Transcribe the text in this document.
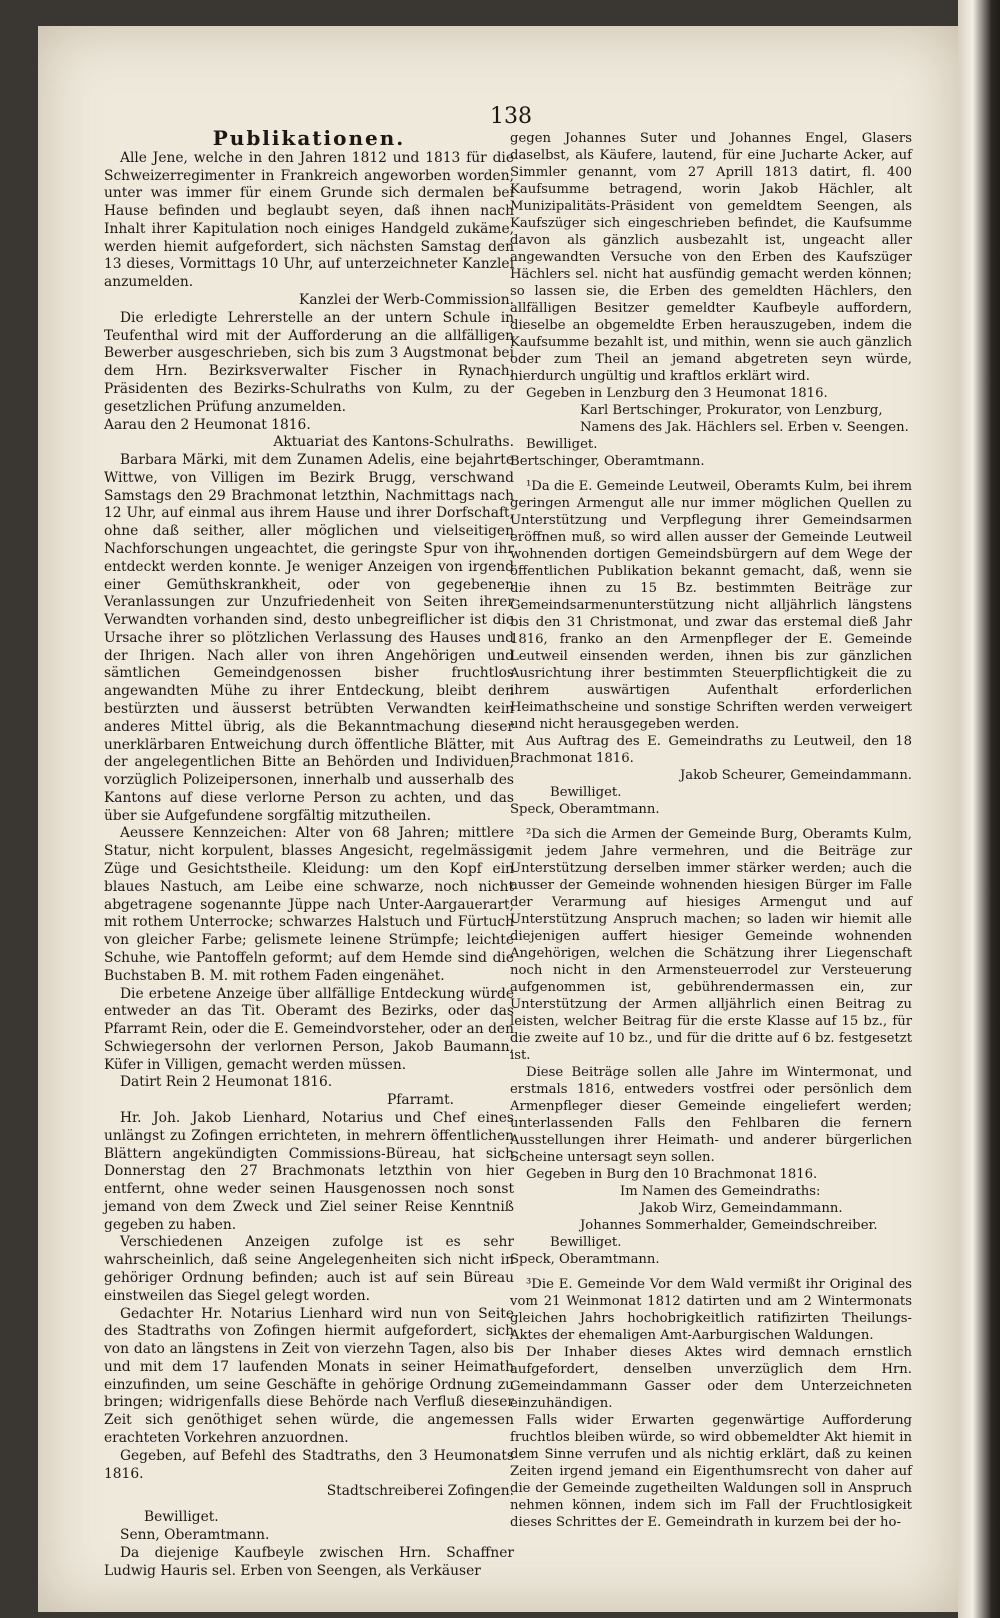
138

Publikationen.

Alle Jene, welche in den Jahren 1812 und 1813 für die Schweizerregimenter in Frankreich angeworben worden, unter was immer für einem Grunde sich dermalen bei Hause befinden und beglaubt seyen, daß ihnen nach Inhalt ihrer Kapitulation noch einiges Handgeld zukäme, werden hiemit aufgefordert, sich nächsten Samstag den 13 dieses, Vormittags 10 Uhr, auf unterzeichneter Kanzlei anzumelden.

Kanzlei der Werb-Commission.

Die erledigte Lehrerstelle an der untern Schule in Teufenthal wird mit der Aufforderung an die allfälligen Bewerber ausgeschrieben, sich bis zum 3 Augstmonat bei dem Hrn. Bezirksverwalter Fischer in Rynach, Präsidenten des Bezirks-Schulraths von Kulm, zu der gesetzlichen Prüfung anzumelden.

Aarau den 2 Heumonat 1816.

Aktuariat des Kantons-Schulraths.

Barbara Märki, mit dem Zunamen Adelis, eine bejahrte Wittwe, von Villigen im Bezirk Brugg, verschwand Samstags den 29 Brachmonat letzthin, Nachmittags nach 12 Uhr, auf einmal aus ihrem Hause und ihrer Dorfschaft, ohne daß seither, aller möglichen und vielseitigen Nachforschungen ungeachtet, die geringste Spur von ihr entdeckt werden konnte. Je weniger Anzeigen von irgend einer Gemüthskrankheit, oder von gegebenen Veranlassungen zur Unzufriedenheit von Seiten ihrer Verwandten vorhanden sind, desto unbegreiflicher ist die Ursache ihrer so plötzlichen Verlassung des Hauses und der Ihrigen. Nach aller von ihren Angehörigen und sämtlichen Gemeindgenossen bisher fruchtlos angewandten Mühe zu ihrer Entdeckung, bleibt den bestürzten und äusserst betrübten Verwandten kein anderes Mittel übrig, als die Bekanntmachung dieser unerklärbaren Entweichung durch öffentliche Blätter, mit der angelegentlichen Bitte an Behörden und Individuen, vorzüglich Polizeipersonen, innerhalb und ausserhalb des Kantons auf diese verlorne Person zu achten, und das über sie Aufgefundene sorgfältig mitzutheilen.

Aeussere Kennzeichen: Alter von 68 Jahren; mittlere Statur, nicht korpulent, blasses Angesicht, regelmässige Züge und Gesichtstheile. Kleidung: um den Kopf ein blaues Nastuch, am Leibe eine schwarze, noch nicht abgetragene sogenannte Jüppe nach Unter-Aargauerart, mit rothem Unterrocke; schwarzes Halstuch und Fürtuch von gleicher Farbe; gelismete leinene Strümpfe; leichte Schuhe, wie Pantoffeln geformt; auf dem Hemde sind die Buchstaben B. M. mit rothem Faden eingenähet.

Die erbetene Anzeige über allfällige Entdeckung würde entweder an das Tit. Oberamt des Bezirks, oder das Pfarramt Rein, oder die E. Gemeindvorsteher, oder an den Schwiegersohn der verlornen Person, Jakob Baumann, Küfer in Villigen, gemacht werden müssen.

Datirt Rein 2 Heumonat 1816.

Pfarramt.

Hr. Joh. Jakob Lienhard, Notarius und Chef eines unlängst zu Zofingen errichteten, in mehrern öffentlichen Blättern angekündigten Commissions-Büreau, hat sich Donnerstag den 27 Brachmonats letzthin von hier entfernt, ohne weder seinen Hausgenossen noch sonst jemand von dem Zweck und Ziel seiner Reise Kenntniß gegeben zu haben.

Verschiedenen Anzeigen zufolge ist es sehr wahrscheinlich, daß seine Angelegenheiten sich nicht in gehöriger Ordnung befinden; auch ist auf sein Büreau einstweilen das Siegel gelegt worden.

Gedachter Hr. Notarius Lienhard wird nun von Seite des Stadtraths von Zofingen hiermit aufgefordert, sich von dato an längstens in Zeit von vierzehn Tagen, also bis und mit dem 17 laufenden Monats in seiner Heimath einzufinden, um seine Geschäfte in gehörige Ordnung zu bringen; widrigenfalls diese Behörde nach Verfluß dieser Zeit sich genöthiget sehen würde, die angemessen erachteten Vorkehren anzuordnen.

Gegeben, auf Befehl des Stadtraths, den 3 Heumonats 1816.

Stadtschreiberei Zofingen.

Bewilliget.

Senn, Oberamtmann.

Da diejenige Kaufbeyle zwischen Hrn. Schaffner Ludwig Hauris sel. Erben von Seengen, als Verkäuser

gegen Johannes Suter und Johannes Engel, Glasers daselbst, als Käufere, lautend, für eine Jucharte Acker, auf Simmler genannt, vom 27 Aprill 1813 datirt, fl. 400 Kaufsumme betragend, worin Jakob Hächler, alt Munizipalitäts-Präsident von gemeldtem Seengen, als Kaufszüger sich eingeschrieben befindet, die Kaufsumme davon als gänzlich ausbezahlt ist, ungeacht aller angewandten Versuche von den Erben des Kaufszüger Hächlers sel. nicht hat ausfündig gemacht werden können; so lassen sie, die Erben des gemeldten Hächlers, den allfälligen Besitzer gemeldter Kaufbeyle auffordern, dieselbe an obgemeldte Erben herauszugeben, indem die Kaufsumme bezahlt ist, und mithin, wenn sie auch gänzlich oder zum Theil an jemand abgetreten seyn würde, hierdurch ungültig und kraftlos erklärt wird.

Gegeben in Lenzburg den 3 Heumonat 1816.

Karl Bertschinger, Prokurator, von Lenzburg,

Namens des Jak. Hächlers sel. Erben v. Seengen.

Bewilliget.

Bertschinger, Oberamtmann.

¹Da die E. Gemeinde Leutweil, Oberamts Kulm, bei ihrem geringen Armengut alle nur immer möglichen Quellen zu Unterstützung und Verpflegung ihrer Gemeindsarmen eröffnen muß, so wird allen ausser der Gemeinde Leutweil wohnenden dortigen Gemeindsbürgern auf dem Wege der öffentlichen Publikation bekannt gemacht, daß, wenn sie die ihnen zu 15 Bz. bestimmten Beiträge zur Gemeindsarmenunterstützung nicht alljährlich längstens bis den 31 Christmonat, und zwar das erstemal dieß Jahr 1816, franko an den Armenpfleger der E. Gemeinde Leutweil einsenden werden, ihnen bis zur gänzlichen Ausrichtung ihrer bestimmten Steuerpflichtigkeit die zu ihrem auswärtigen Aufenthalt erforderlichen Heimathscheine und sonstige Schriften werden verweigert und nicht herausgegeben werden.

Aus Auftrag des E. Gemeindraths zu Leutweil, den 18 Brachmonat 1816.

Jakob Scheurer, Gemeindammann.

Bewilliget.

Speck, Oberamtmann.

²Da sich die Armen der Gemeinde Burg, Oberamts Kulm, mit jedem Jahre vermehren, und die Beiträge zur Unterstützung derselben immer stärker werden; auch die ausser der Gemeinde wohnenden hiesigen Bürger im Falle der Verarmung auf hiesiges Armengut und auf Unterstützung Anspruch machen; so laden wir hiemit alle diejenigen auffert hiesiger Gemeinde wohnenden Angehörigen, welchen die Schätzung ihrer Liegenschaft noch nicht in den Armensteuerrodel zur Versteuerung aufgenommen ist, gebührendermassen ein, zur Unterstützung der Armen alljährlich einen Beitrag zu leisten, welcher Beitrag für die erste Klasse auf 15 bz., für die zweite auf 10 bz., und für die dritte auf 6 bz. festgesetzt ist.

Diese Beiträge sollen alle Jahre im Wintermonat, und erstmals 1816, entweders vostfrei oder persönlich dem Armenpfleger dieser Gemeinde eingeliefert werden; unterlassenden Falls den Fehlbaren die fernern Ausstellungen ihrer Heimath- und anderer bürgerlichen Scheine untersagt seyn sollen.

Gegeben in Burg den 10 Brachmonat 1816.

Im Namen des Gemeindraths:

Jakob Wirz, Gemeindammann.

Johannes Sommerhalder, Gemeindschreiber.

Bewilliget.

Speck, Oberamtmann.

³Die E. Gemeinde Vor dem Wald vermißt ihr Original des vom 21 Weinmonat 1812 datirten und am 2 Wintermonats gleichen Jahrs hochobrigkeitlich ratifizirten Theilungs-Aktes der ehemaligen Amt-Aarburgischen Waldungen.

Der Inhaber dieses Aktes wird demnach ernstlich aufgefordert, denselben unverzüglich dem Hrn. Gemeindammann Gasser oder dem Unterzeichneten einzuhändigen.

Falls wider Erwarten gegenwärtige Aufforderung fruchtlos bleiben würde, so wird obbemeldter Akt hiemit in dem Sinne verrufen und als nichtig erklärt, daß zu keinen Zeiten irgend jemand ein Eigenthumsrecht von daher auf die der Gemeinde zugetheilten Waldungen soll in Anspruch nehmen können, indem sich im Fall der Fruchtlosigkeit dieses Schrittes der E. Gemeindrath in kurzem bei der ho-
